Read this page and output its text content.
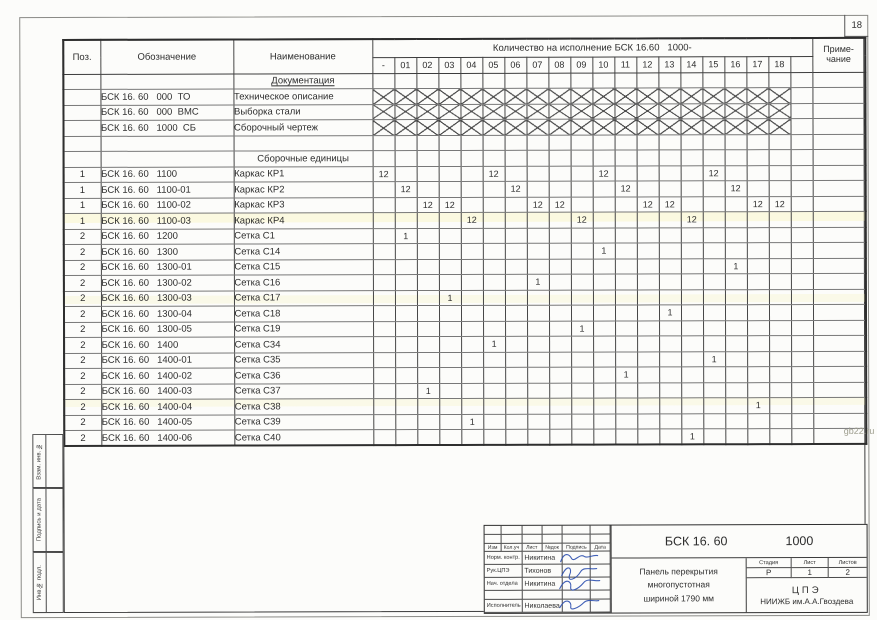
18
Поз.	Обозначение	Наименование	Количество на исполнение БСК 16.60   1000-																				Приме-
чание
			-	01	02	03	04	05	06	07	08	09	10	11	12	13	14	15	16	17	18		
		Документация																					
	БСК 16. 60   000  ТО	Техническое описание																					
	БСК 16. 60   000  ВМС	Выборка стали																					
	БСК 16. 60   1000  СБ	Сборочный чертеж																					

		Сборочные единицы																					
1	БСК 16. 60   1100	Каркас КР1	12					12					12					12					
1	БСК 16. 60   1100-01	Каркас КР2		12					12					12					12				
1	БСК 16. 60   1100-02	Каркас КР3			12	12				12	12				12	12				12	12		
1	БСК 16. 60   1100-03	Каркас КР4					12					12					12						
2	БСК 16. 60   1200	Сетка С1		1																			
2	БСК 16. 60   1300	Сетка С14											1										
2	БСК 16. 60   1300-01	Сетка С15																	1				
2	БСК 16. 60   1300-02	Сетка С16								1													
2	БСК 16. 60   1300-03	Сетка С17				1																	
2	БСК 16. 60   1300-04	Сетка С18														1							
2	БСК 16. 60   1300-05	Сетка С19										1											
2	БСК 16. 60   1400	Сетка С34						1															
2	БСК 16. 60   1400-01	Сетка С35																1					
2	БСК 16. 60   1400-02	Сетка С36												1									
2	БСК 16. 60   1400-03	Сетка С37			1																		
2	БСК 16. 60   1400-04	Сетка С38																		1			
2	БСК 16. 60   1400-05	Сетка С39					1																
2	БСК 16. 60   1400-06	Сетка С40															1						
Взам. инв. №
Подпись и дата
Инв.№ подл.
Изм	Кол.уч	Лист	№док	Подпись	Дата
Норм. контр. Никитина
Рук.ЦПЭ	Тихонов
Нач. отдела Никитина
Исполнитель Николаева
БСК 16. 60	1000
Панель перекрытия
многопустотная
шириной 1790 мм
Стадия	Лист	Листов
Р	1	2
ЦПЭ
НИИЖБ им.А.А.Гвоздева
gb22.ru
